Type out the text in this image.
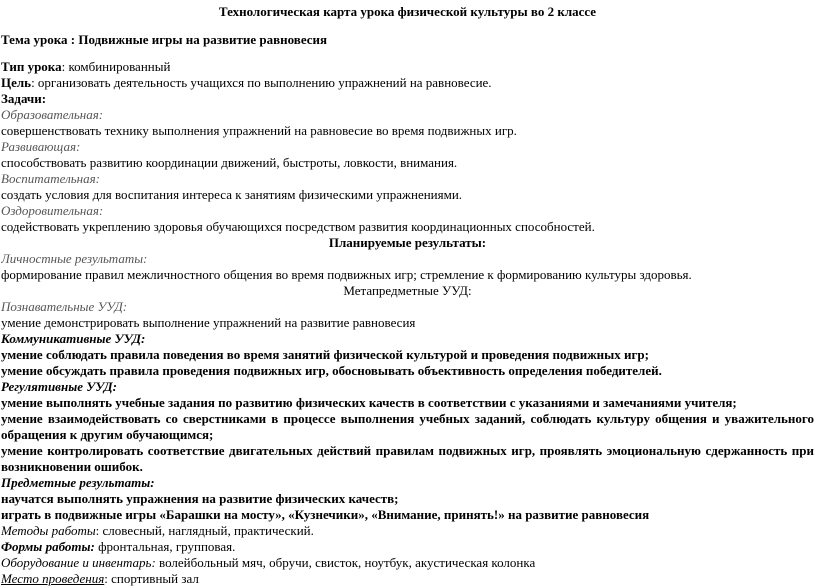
Технологическая карта урока физической культуры во 2 классе
Тема урока : Подвижные игры на развитие равновесия
Тип урока: комбинированный
Цель: организовать деятельность учащихся по выполнению упражнений на равновесие.
Задачи:
Образовательная:
совершенствовать технику выполнения упражнений на равновесие во время подвижных игр.
Развивающая:
способствовать развитию координации движений, быстроты, ловкости, внимания.
Воспитательная:
создать условия для воспитания интереса к занятиям физическими упражнениями.
Оздоровительная:
содействовать укреплению здоровья обучающихся посредством развития координационных способностей.
Планируемые результаты:
Личностные результаты:
формирование правил межличностного общения во время подвижных игр; стремление к формированию культуры здоровья.
Метапредметные УУД:
Познавательные УУД:
умение демонстрировать выполнение упражнений на развитие равновесия
Коммуникативные УУД:
умение соблюдать правила поведения во время занятий физической культурой и проведения подвижных игр;
умение обсуждать правила проведения подвижных игр, обосновывать объективность определения победителей.
Регулятивные УУД:
умение выполнять учебные задания по развитию физических качеств в соответствии с указаниями и замечаниями учителя;
умение взаимодействовать со сверстниками в процессе выполнения учебных заданий, соблюдать культуру общения и уважительного
обращения к другим обучающимся;
умение контролировать соответствие двигательных действий правилам подвижных игр, проявлять эмоциональную сдержанность при
возникновении ошибок.
Предметные результаты:
научатся выполнять упражнения на развитие физических качеств;
играть в подвижные игры «Барашки на мосту», «Кузнечики», «Внимание, принять!» на развитие равновесия
Методы работы: словесный, наглядный, практический.
Формы работы: фронтальная, групповая.
Оборудование и инвентарь: волейбольный мяч, обручи, свисток, ноутбук, акустическая колонка
Место проведения: спортивный зал
